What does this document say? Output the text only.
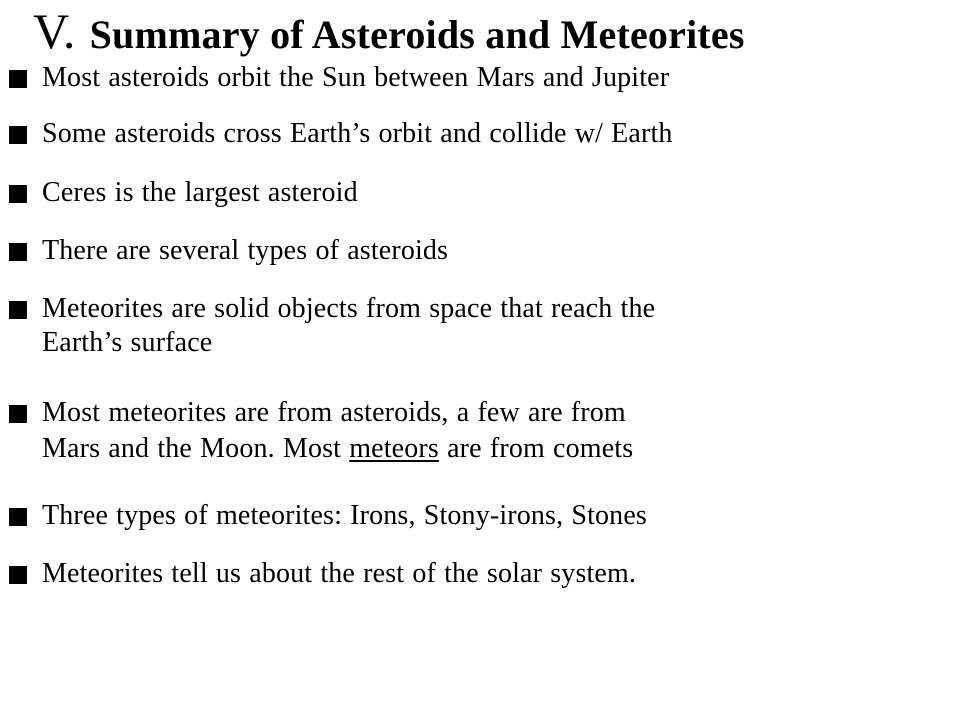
V. Summary of Asteroids and Meteorites
Most asteroids orbit the Sun between Mars and Jupiter
Some asteroids cross Earth’s orbit and collide w/ Earth
Ceres is the largest asteroid
There are several types of asteroids
Meteorites are solid objects from space that reach the
Earth’s surface
Most meteorites are from asteroids, a few are from
Mars and the Moon. Most meteors are from comets
Three types of meteorites: Irons, Stony-irons, Stones
Meteorites tell us about the rest of the solar system.
